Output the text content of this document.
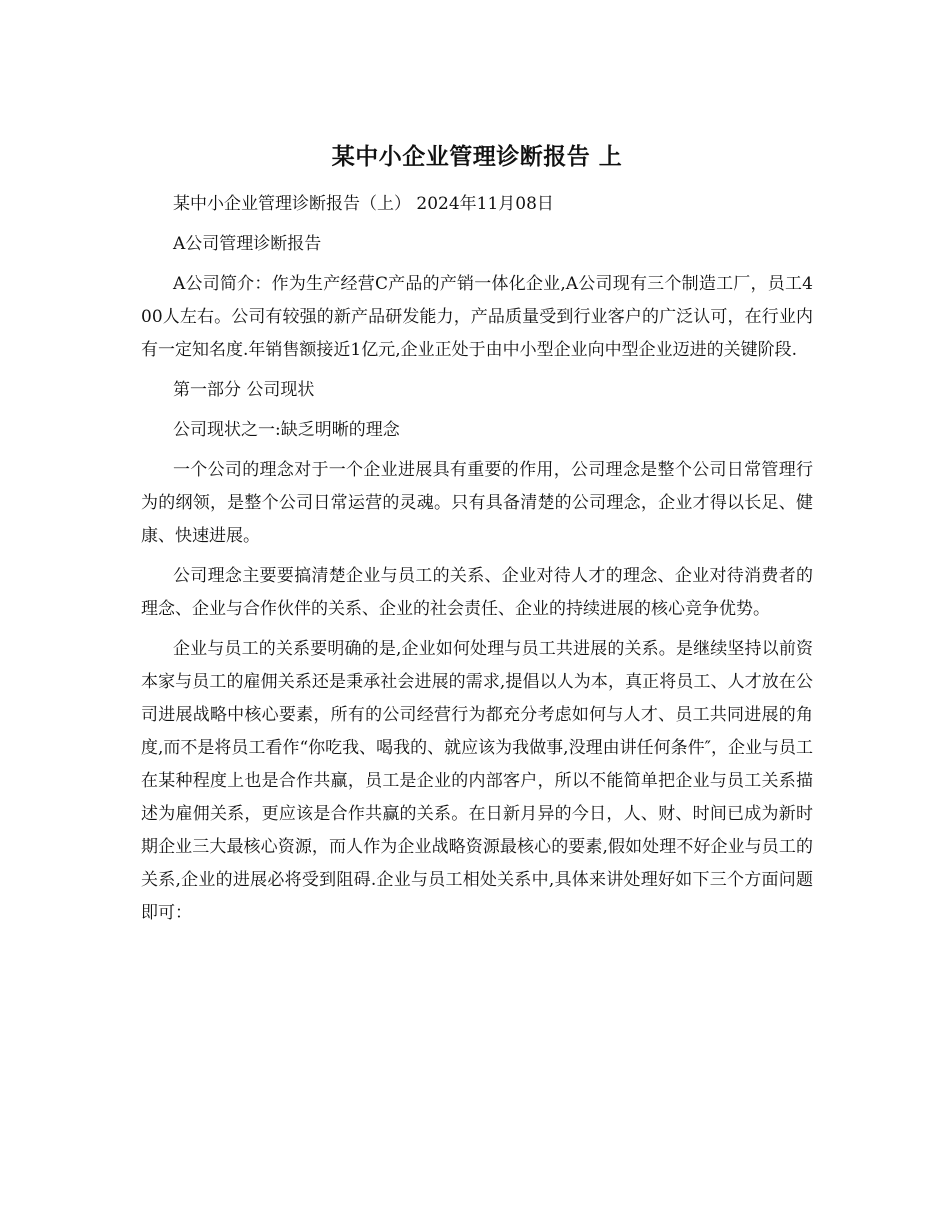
某中小企业管理诊断报告 上

某中小企业管理诊断报告（上） 2024年11月08日

A公司管理诊断报告

A公司简介：作为生产经营C产品的产销一体化企业,A公司现有三个制造工厂，员工400人左右。公司有较强的新产品研发能力，产品质量受到行业客户的广泛认可，在行业内有一定知名度.年销售额接近1亿元,企业正处于由中小型企业向中型企业迈进的关键阶段.

第一部分 公司现状

公司现状之一:缺乏明晰的理念

一个公司的理念对于一个企业进展具有重要的作用，公司理念是整个公司日常管理行为的纲领，是整个公司日常运营的灵魂。只有具备清楚的公司理念，企业才得以长足、健康、快速进展。

公司理念主要要搞清楚企业与员工的关系、企业对待人才的理念、企业对待消费者的理念、企业与合作伙伴的关系、企业的社会责任、企业的持续进展的核心竞争优势。

企业与员工的关系要明确的是,企业如何处理与员工共进展的关系。是继续坚持以前资本家与员工的雇佣关系还是秉承社会进展的需求,提倡以人为本，真正将员工、人才放在公司进展战略中核心要素，所有的公司经营行为都充分考虑如何与人才、员工共同进展的角度,而不是将员工看作“你吃我、喝我的、就应该为我做事,没理由讲任何条件″，企业与员工在某种程度上也是合作共赢，员工是企业的内部客户，所以不能简单把企业与员工关系描述为雇佣关系，更应该是合作共赢的关系。在日新月异的今日，人、财、时间已成为新时期企业三大最核心资源，而人作为企业战略资源最核心的要素,假如处理不好企业与员工的关系,企业的进展必将受到阻碍.企业与员工相处关系中,具体来讲处理好如下三个方面问题即可：
